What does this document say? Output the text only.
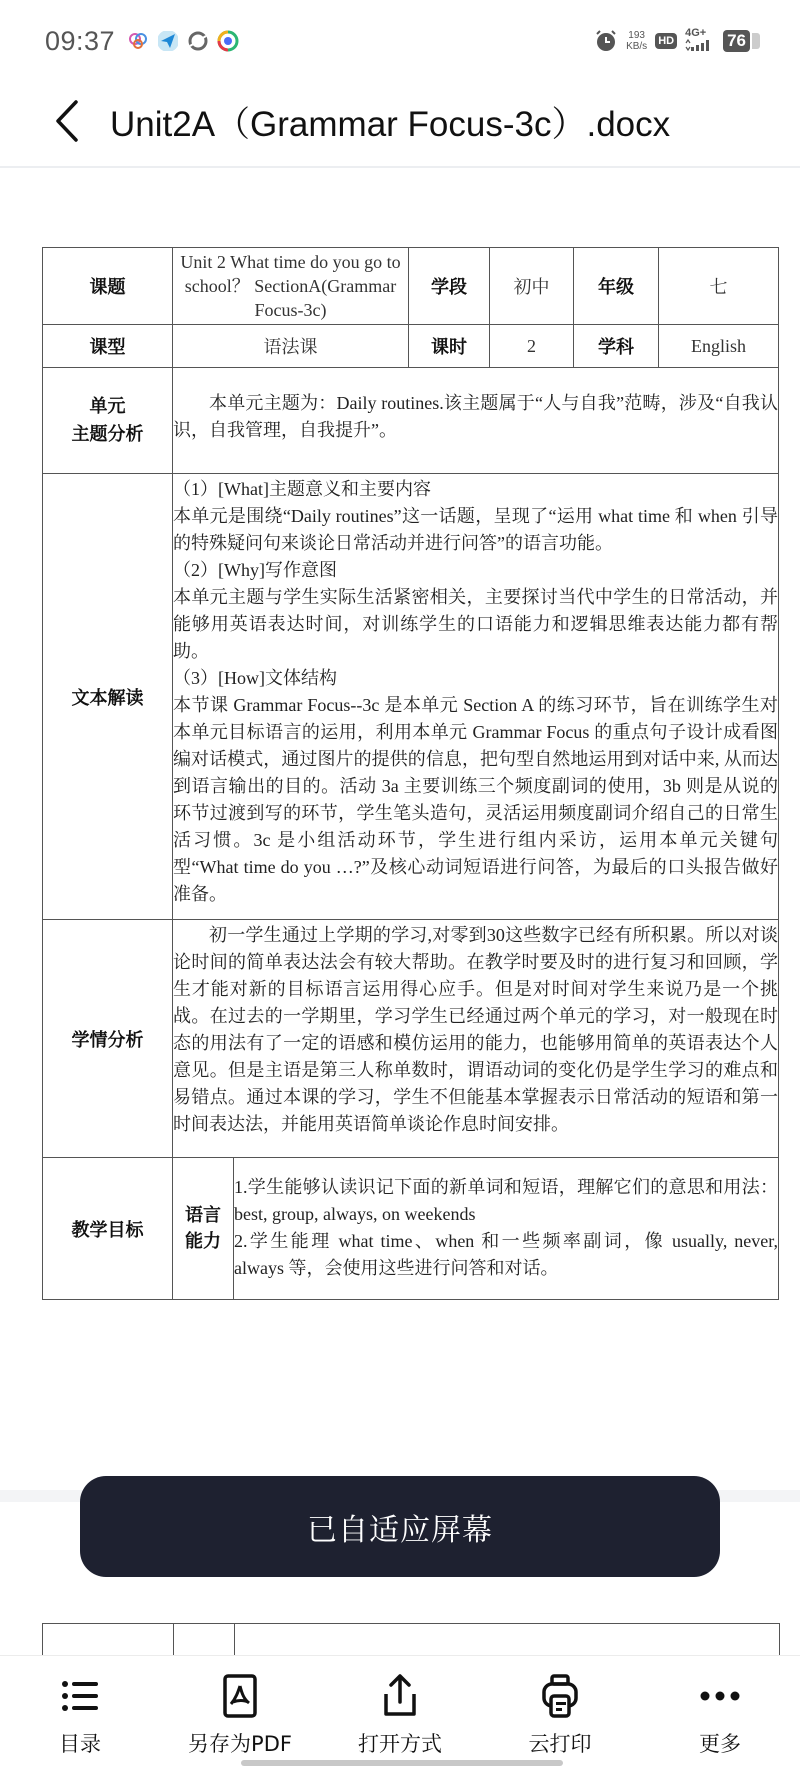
09:37	193
KB/s HD
4G+	76
Unit2A（Grammar Focus-3c）.docx
课题	Unit 2 What time do you go to school？ SectionA(Grammar Focus-3c)		学段	初中	年级	七
课型	语法课		课时	2	学科	English

单元
主题分析	本单元主题为：Daily routines.该主题属于“人与自我”范畴，涉及“自我认识，自我管理，自我提升”。					
文本解读	
（1）[What]主题意义和主要内容
本单元是围绕“Daily routines”这一话题，呈现了“运用 what time 和 when 引导的特殊疑问句来谈论日常活动并进行问答”的语言功能。
（2）[Why]写作意图
本单元主题与学生实际生活紧密相关，主要探讨当代中学生的日常活动，并能够用英语表达时间，对训练学生的口语能力和逻辑思维表达能力都有帮助。
（3）[How]文体结构
本节课 Grammar Focus--3c 是本单元 Section A 的练习环节，旨在训练学生对本单元目标语言的运用，利用本单元 Grammar Focus 的重点句子设计成看图编对话模式，通过图片的提供的信息，把句型自然地运用到对话中来, 从而达到语言输出的目的。活动 3a 主要训练三个频度副词的使用，3b 则是从说的环节过渡到写的环节，学生笔头造句，灵活运用频度副词介绍自己的日常生活习惯。3c 是小组活动环节，学生进行组内采访，运用本单元关键句型“What time do you …?”及核心动词短语进行问答，为最后的口头报告做好准备。

学情分析	初一学生通过上学期的学习,对零到30这些数字已经有所积累。所以对谈论时间的简单表达法会有较大帮助。在教学时要及时的进行复习和回顾，学生才能对新的目标语言运用得心应手。但是对时间对学生来说乃是一个挑战。在过去的一学期里，学习学生已经通过两个单元的学习，对一般现在时态的用法有了一定的语感和模仿运用的能力，也能够用简单的英语表达个人意见。但是主语是第三人称单数时，谓语动词的变化仍是学生学习的难点和易错点。通过本课的学习，学生不但能基本掌握表示日常活动的短语和第一时间表达法，并能用英语简单谈论作息时间安排。					
教学目标	语言
能力	1.学生能够认读识记下面的新单词和短语，理解它们的意思和用法：best, group, always, on weekends
2.学生能理 what time、when 和一些频率副词，像 usually, never, always 等，会使用这些进行问答和对话。				
已自适应屏幕
目录	另存为PDF	打开方式	云打印	更多
